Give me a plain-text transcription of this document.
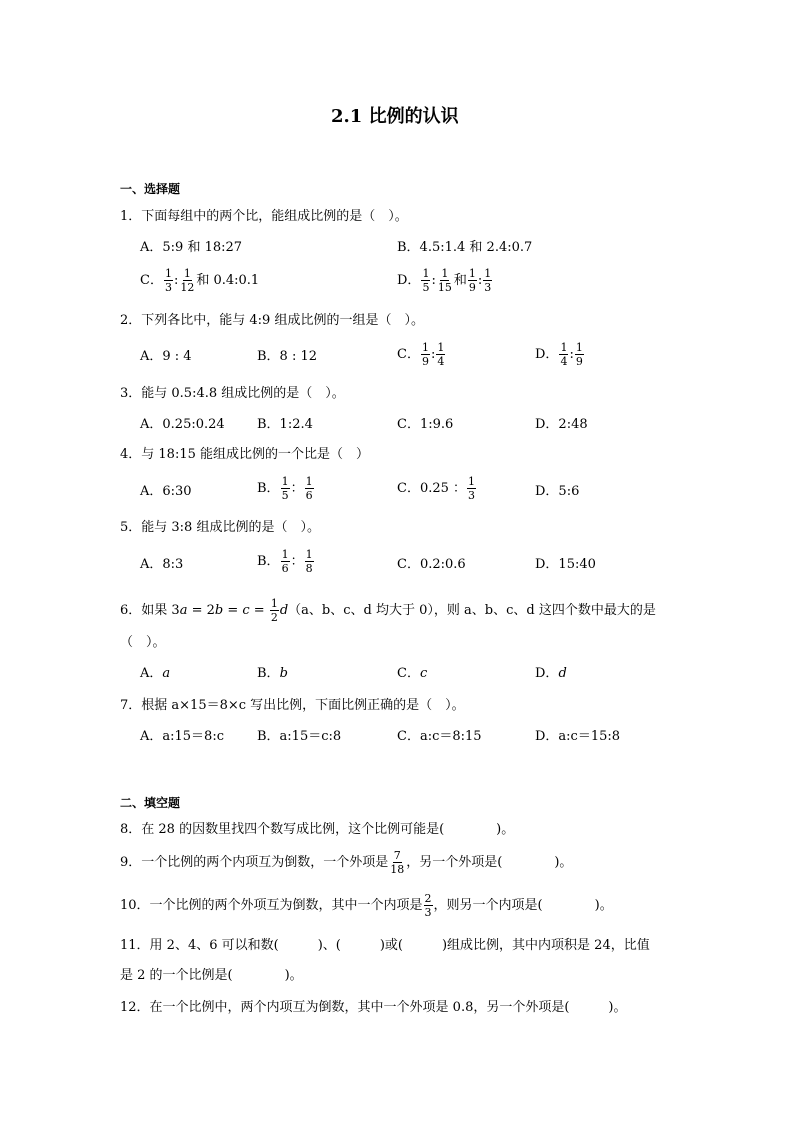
2.1 比例的认识
一、选择题
1．下面每组中的两个比，能组成比例的是（　）。
A．5:9 和 18:27	B．4.5:1.4 和 2.4:0.7
C． $\frac{1}{3}$ : $\frac{1}{12}$ 和 0.4:0.1	D． $\frac{1}{5}$ : $\frac{1}{15}$ 和 $\frac{1}{9}$ : $\frac{1}{3}$
2．下列各比中，能与 4:9 组成比例的一组是（　）。
A．9 : 4	B．8 : 12	C． $\frac{1}{9}$ : $\frac{1}{4}$	D． $\frac{1}{4}$ : $\frac{1}{9}$
3．能与 0.5:4.8 组成比例的是（　）。
A．0.25:0.24 B．1:2.4	C．1:9.6	D．2:48
4．与 18:15 能组成比例的一个比是（　）
A．6:30	B． $\frac{1}{5}$ ： $\frac{1}{6}$	C．0.25 ： $\frac{1}{3}$	D．5:6
5．能与 3:8 组成比例的是（　）。
A．8:3	B． $\frac{1}{6}$ ： $\frac{1}{8}$	C．0.2:0.6	D．15:40
6．如果 $3a = 2b = c = \frac{1}{2} d(a$、b、c、d 均大于 0），则 a、b、c、d 这四个数中最大的是
（　）。
A．a	B．b	C．c	D．d
7．根据 a×15＝8×c 写出比例，下面比例正确的是（　）。
A．a:15＝8:c	B．a:15＝c:8	C．a:c＝8:15	D．a:c＝15:8
二、填空题
8．在 28 的因数里找四个数写成比例，这个比例可能是(　　　　)。
9．一个比例的两个内项互为倒数，一个外项是 $\frac{7}{18}$ ，另一个外项是(　　　　)。
10．一个比例的两个外项互为倒数，其中一个内项是 $\frac{2}{3}$ ，则另一个内项是(　　　　)。
11．用 2、4、6 可以和数(　　　)、(　　　)或(　　　)组成比例，其中内项积是 24，比值
是 2 的一个比例是(　　　　)。
12．在一个比例中，两个内项互为倒数，其中一个外项是 0.8，另一个外项是(　　　)。
